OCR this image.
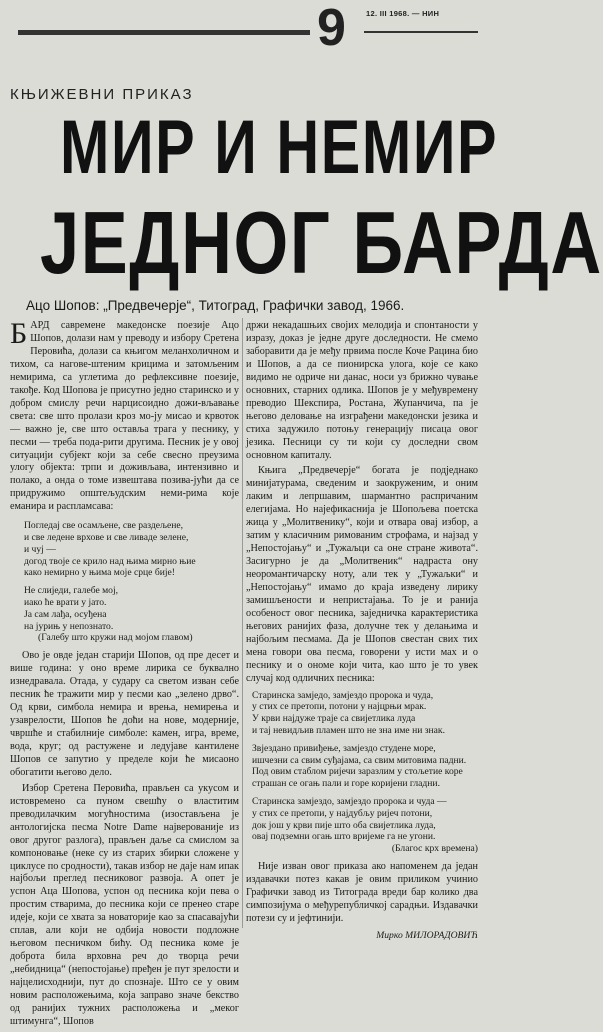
9	12. III 1968. — НИН
КЊИЖЕВНИ ПРИКАЗ
МИР И НЕМИР
ЈЕДНОГ БАРДА
Ацо Шопов: „Предвечерје“, Титоград, Графички завод, 1966.

БАРД савремене македонске поезије Ацо Шопов, долази нам у преводу и избору Сретена Перовића, долази са књигом меланхоличном и тихом, са нагове-штеним крицима и затомљеним немирима, са углетима до рефлексивне поезије, такође. Код Шопова је присутно једно старинско и у добром смислу речи нарцисоидно дожи-вљавање света: све што пролази кроз мо-ју мисао и крвоток — важно је, све што оставља трага у песнику, у песми — треба пода-рити другима. Песник је у овој ситуацији субјект који за себе свесно преузима улогу објекта: трпи и доживљава, интензивно и полако, а онда о томе извештава позива-јући да се придружимо општељудским неми-рима које еманира и распламсава:

Погледај све осамљене, све раздељене,
и све леденe врхове и све ливаде зелене,
и чуј —
догод твоје се крило над њима мирно њие
како немирно у њима моје срце бије!
Не слиједи, галебе мој,
иако ће врати у јато.
Ја сам лађа, осуђена
на јурињ у непознато.
(Галебу што кружи над мојом главом)

Ово је овде један старији Шопов, од пре десет и више година: у оно време лирика се буквално изнедравала. Отада, у судару са светом изван себе песник ће тражити мир у песми као „зелено дрво“. Од крви, симбола немира и врења, немирења и узаврелости, Шопов ће доћи на нове, модерније, чвршће и стабилније симболе: камен, игра, време, вода, круг; од растужене и ледујаве кантилене Шопов се запутио у пределе који ће мисаоно обогатити његово дело.

Избор Сретена Перовића, прављен са укусом и истовремено са пуном свешћу о властитим преводилачким могућностима (изостављена је антологијска песма Notre Dame најверованије из овог другог разлога), прављен даље са смислом за компоновање (неке су из старих збирки сложене у циклусе по сродности), такав избор не даје нам ипак најбољи преглед песниковог развоја. А опет је успон Аца Шопова, успон од песника који пева о простим стварима, до песника који се пренео старе идеје, који се хвата за новаторије као за спасавајући сплав, али који не одбија новости подложне његовом песничком бићу. Од песника коме је доброта била врховна реч до творца речи „небидница“ (непостојање) пређен је пут зрелости и најцелисходнији, пут до спознаје. Што се у овим новим расположењима, која заправо значе бекство од ранијих тужних расположења и „меког штимунга“, Шопов

држи некадашњих својих мелодија и спонтаности у изразу, доказ је једне друге доследности. Не смемо заборавити да је међу првима после Коче Рацина био и Шопов, а да се пионирска улога, које се како видимо не одриче ни данас, носи уз брижно чување основних, старних одлика. Шопов је у међувремену преводио Шекспира, Ростана, Жупанчича, па је његово деловање на изграђени македонски језика и стиха задужило потоњу генерацију писаца овог језика. Песници су ти који су доследни свом основном капиталу.

Књига „Предвечерје“ богата је подједнако минијатурама, сведеним и заокруженим, и оним лаким и лепршавим, шармантно распричаним елегијама. Но најефикаснија је Шопољева поетска жица у „Молитвенику“, који и отвара овај избор, а затим у класичним римованим строфама, и најзад у „Непостојању“ и „Тужаљци са оне стране живота“. Засигурно је да „Молитвеник“ надраста ону неоромантичарску ноту, али тек у „Тужаљки“ и „Непостојању“ имамо до краја изведену лирику замишљености и непристајања. То је и ранија особеност овог песника, заједничка карактеристика његових ранијих фаза, долучне тек у делањима и најбољим песмама. Да је Шопов свестан свих тих менa говори ова песма, говорени у исти мах и о песнику и о ономе који чита, као што је то увек случај код одличних песника:

Старинска замједо, замјездо пророка и чуда,
у стих се претопи, потони у најцрњи мрак.
У крви најдуже траје са свијетлика луда
и тај невидљив пламен што не зна име ни знак.
Звјездано привиђење, замјездо студене море,
ишчезни са свим суђајама, са свим митовима падни.
Под овим стаблом ријечи заразлим у стољетие коре
страшан се огањ пали и горе коријени гладни.
Старинска замјездо, замјездо пророка и чуда —
у стих се претопи, у најдубљу ријеч потони,
док још у крви пије што оба свијетлика луда,
овај подземни огањ што вријеме га не угони.
(Благос крх времена)

Није изван овог приказа ако напоменем да један издавачки потез какав је овим приликом учинио Графички завод из Титограда вреди бар колико два симпозијума о међурепубличкој сарадњи. Издавачки потези су и јефтинији.

Мирко МИЛОРАДОВИЋ
